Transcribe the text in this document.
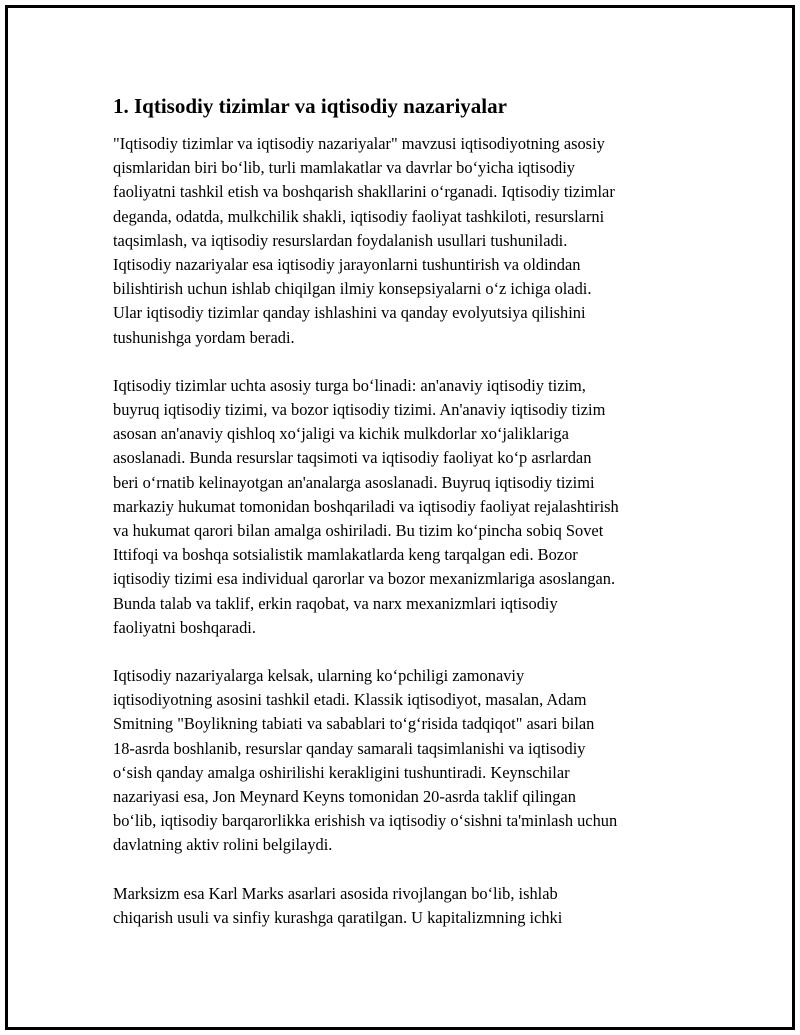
1. Iqtisodiy tizimlar va iqtisodiy nazariyalar

"Iqtisodiy tizimlar va iqtisodiy nazariyalar" mavzusi iqtisodiyotning asosiy
qismlaridan biri bo‘lib, turli mamlakatlar va davrlar bo‘yicha iqtisodiy
faoliyatni tashkil etish va boshqarish shakllarini o‘rganadi. Iqtisodiy tizimlar
deganda, odatda, mulkchilik shakli, iqtisodiy faoliyat tashkiloti, resurslarni
taqsimlash, va iqtisodiy resurslardan foydalanish usullari tushuniladi.
Iqtisodiy nazariyalar esa iqtisodiy jarayonlarni tushuntirish va oldindan
bilishtirish uchun ishlab chiqilgan ilmiy konsepsiyalarni o‘z ichiga oladi.
Ular iqtisodiy tizimlar qanday ishlashini va qanday evolyutsiya qilishini
tushunishga yordam beradi.

Iqtisodiy tizimlar uchta asosiy turga bo‘linadi: an'anaviy iqtisodiy tizim,
buyruq iqtisodiy tizimi, va bozor iqtisodiy tizimi. An'anaviy iqtisodiy tizim
asosan an'anaviy qishloq xo‘jaligi va kichik mulkdorlar xo‘jaliklariga
asoslanadi. Bunda resurslar taqsimoti va iqtisodiy faoliyat ko‘p asrlardan
beri o‘rnatib kelinayotgan an'analarga asoslanadi. Buyruq iqtisodiy tizimi
markaziy hukumat tomonidan boshqariladi va iqtisodiy faoliyat rejalashtirish
va hukumat qarori bilan amalga oshiriladi. Bu tizim ko‘pincha sobiq Sovet
Ittifoqi va boshqa sotsialistik mamlakatlarda keng tarqalgan edi. Bozor
iqtisodiy tizimi esa individual qarorlar va bozor mexanizmlariga asoslangan.
Bunda talab va taklif, erkin raqobat, va narx mexanizmlari iqtisodiy
faoliyatni boshqaradi.

Iqtisodiy nazariyalarga kelsak, ularning ko‘pchiligi zamonaviy
iqtisodiyotning asosini tashkil etadi. Klassik iqtisodiyot, masalan, Adam
Smitning "Boylikning tabiati va sabablari to‘g‘risida tadqiqot" asari bilan
18-asrda boshlanib, resurslar qanday samarali taqsimlanishi va iqtisodiy
o‘sish qanday amalga oshirilishi kerakligini tushuntiradi. Keynschilar
nazariyasi esa, Jon Meynard Keyns tomonidan 20-asrda taklif qilingan
bo‘lib, iqtisodiy barqarorlikka erishish va iqtisodiy o‘sishni ta'minlash uchun
davlatning aktiv rolini belgilaydi.

Marksizm esa Karl Marks asarlari asosida rivojlangan bo‘lib, ishlab
chiqarish usuli va sinfiy kurashga qaratilgan. U kapitalizmning ichki
